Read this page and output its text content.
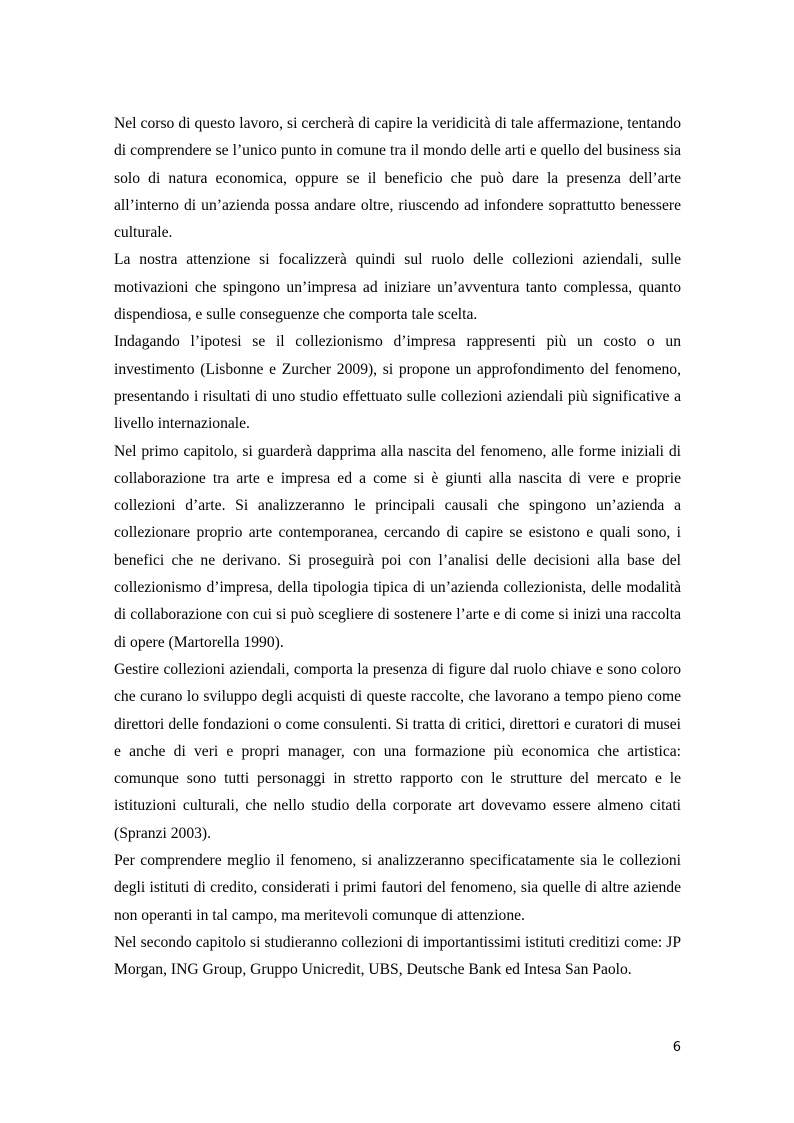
Nel corso di questo lavoro, si cercherà di capire la veridicità di tale affermazione, tentando di comprendere se l’unico punto in comune tra il mondo delle arti e quello del business sia solo di natura economica, oppure se il beneficio che può dare la presenza dell’arte all’interno di un’azienda possa andare oltre, riuscendo ad infondere soprattutto benessere culturale.

La nostra attenzione si focalizzerà quindi sul ruolo delle collezioni aziendali, sulle motivazioni che spingono un’impresa ad iniziare un’avventura tanto complessa, quanto dispendiosa, e sulle conseguenze che comporta tale scelta.

Indagando l’ipotesi se il collezionismo d’impresa rappresenti più un costo o un investimento (Lisbonne e Zurcher 2009), si propone un approfondimento del fenomeno, presentando i risultati di uno studio effettuato sulle collezioni aziendali più significative a livello internazionale.

Nel primo capitolo, si guarderà dapprima alla nascita del fenomeno, alle forme iniziali di collaborazione tra arte e impresa ed a come si è giunti alla nascita di vere e proprie collezioni d’arte. Si analizzeranno le principali causali che spingono un’azienda a collezionare proprio arte contemporanea, cercando di capire se esistono e quali sono, i benefici che ne derivano. Si proseguirà poi con l’analisi delle decisioni alla base del collezionismo d’impresa, della tipologia tipica di un’azienda collezionista, delle modalità di collaborazione con cui si può scegliere di sostenere l’arte e di come si inizi una raccolta di opere (Martorella 1990).

Gestire collezioni aziendali, comporta la presenza di figure dal ruolo chiave e sono coloro che curano lo sviluppo degli acquisti di queste raccolte, che lavorano a tempo pieno come direttori delle fondazioni o come consulenti. Si tratta di critici, direttori e curatori di musei e anche di veri e propri manager, con una formazione più economica che artistica: comunque sono tutti personaggi in stretto rapporto con le strutture del mercato e le istituzioni culturali, che nello studio della corporate art dovevamo essere almeno citati (Spranzi 2003).

Per comprendere meglio il fenomeno, si analizzeranno specificatamente sia le collezioni degli istituti di credito, considerati i primi fautori del fenomeno, sia quelle di altre aziende non operanti in tal campo, ma meritevoli comunque di attenzione.

Nel secondo capitolo si studieranno collezioni di importantissimi istituti creditizi come: JP Morgan, ING Group, Gruppo Unicredit, UBS, Deutsche Bank ed Intesa San Paolo.

6
